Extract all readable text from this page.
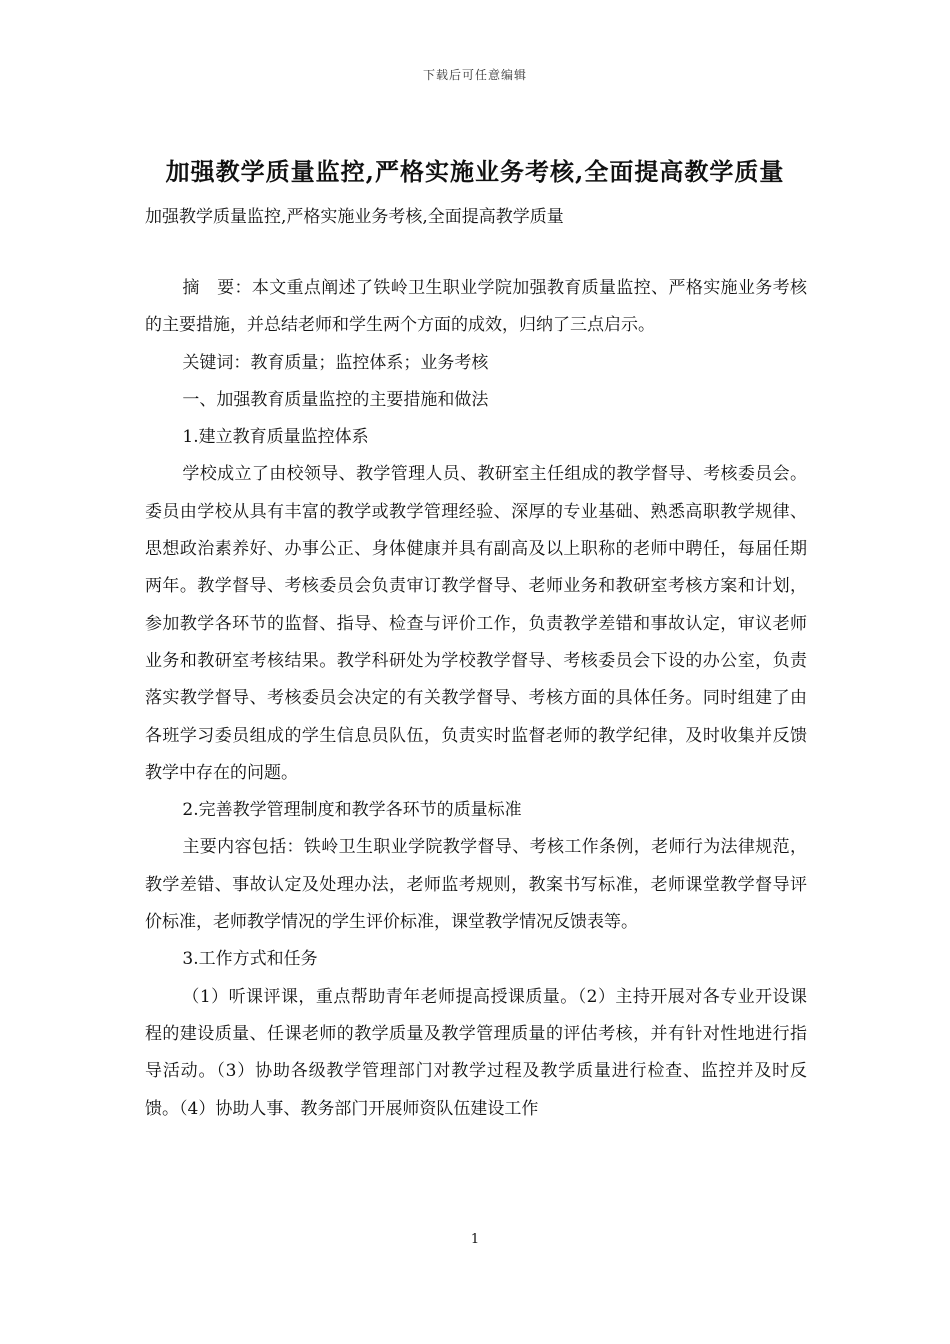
下载后可任意编辑
加强教学质量监控,严格实施业务考核,全面提高教学质量

加强教学质量监控,严格实施业务考核,全面提高教学质量

摘　要：本文重点阐述了铁岭卫生职业学院加强教育质量监控、严格实施业务考核的主要措施，并总结老师和学生两个方面的成效，归纳了三点启示。

关键词：教育质量；监控体系；业务考核

一、加强教育质量监控的主要措施和做法

1.建立教育质量监控体系

学校成立了由校领导、教学管理人员、教研室主任组成的教学督导、考核委员会。委员由学校从具有丰富的教学或教学管理经验、深厚的专业基础、熟悉高职教学规律、思想政治素养好、办事公正、身体健康并具有副高及以上职称的老师中聘任，每届任期两年。教学督导、考核委员会负责审订教学督导、老师业务和教研室考核方案和计划，参加教学各环节的监督、指导、检查与评价工作，负责教学差错和事故认定，审议老师业务和教研室考核结果。教学科研处为学校教学督导、考核委员会下设的办公室，负责落实教学督导、考核委员会决定的有关教学督导、考核方面的具体任务。同时组建了由各班学习委员组成的学生信息员队伍，负责实时监督老师的教学纪律，及时收集并反馈教学中存在的问题。

2.完善教学管理制度和教学各环节的质量标准

主要内容包括：铁岭卫生职业学院教学督导、考核工作条例，老师行为法律规范，教学差错、事故认定及处理办法，老师监考规则，教案书写标准，老师课堂教学督导评价标准，老师教学情况的学生评价标准，课堂教学情况反馈表等。

3.工作方式和任务

（1）听课评课，重点帮助青年老师提高授课质量。（2）主持开展对各专业开设课程的建设质量、任课老师的教学质量及教学管理质量的评估考核，并有针对性地进行指导活动。（3）协助各级教学管理部门对教学过程及教学质量进行检查、监控并及时反馈。（4）协助人事、教务部门开展师资队伍建设工作

1
